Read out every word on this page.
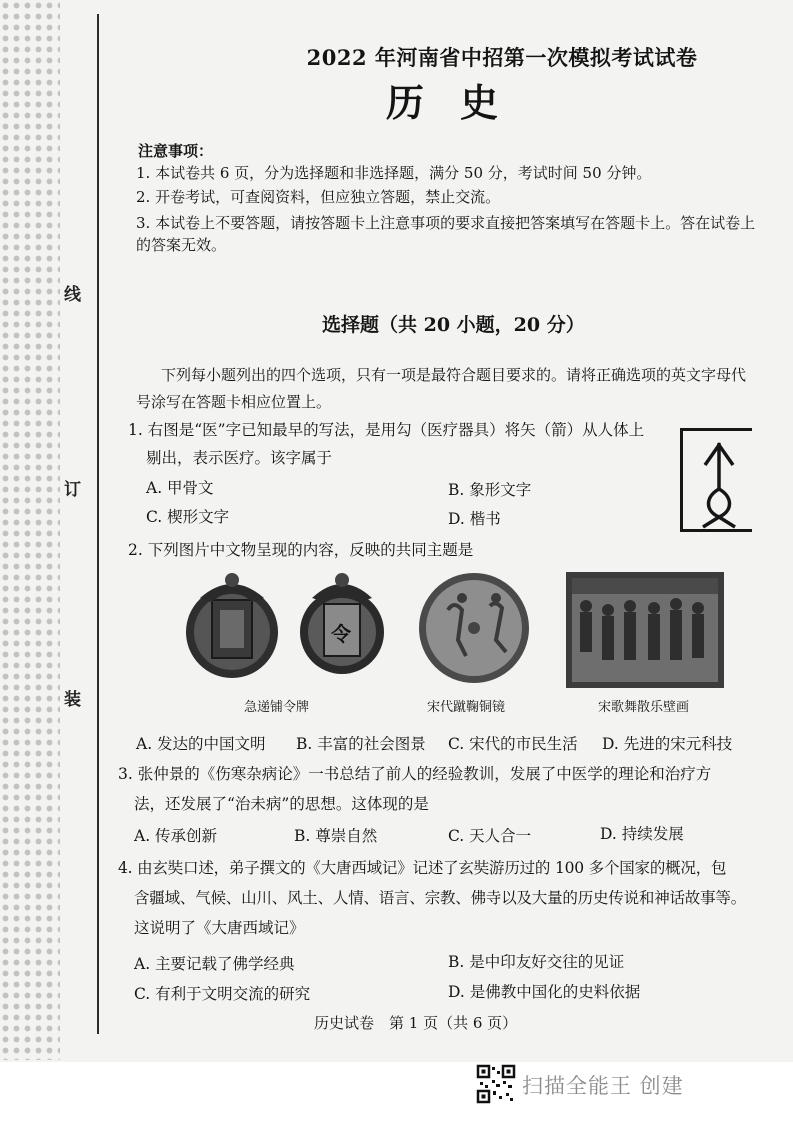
线
订
装
2022 年河南省中招第一次模拟考试试卷
历史
注意事项：
1. 本试卷共 6 页，分为选择题和非选择题，满分 50 分，考试时间 50 分钟。
2. 开卷考试，可查阅资料，但应独立答题，禁止交流。
3. 本试卷上不要答题，请按答题卡上注意事项的要求直接把答案填写在答题卡上。答在试卷上的答案无效。
选择题（共 20 小题，20 分）
下列每小题列出的四个选项，只有一项是最符合题目要求的。请将正确选项的英文字母代号涂写在答题卡相应位置上。
1. 右图是“医”字已知最早的写法，是用勾（医疗器具）将矢（箭）从人体上
剔出，表示医疗。该字属于
A. 甲骨文	B. 象形文字
C. 楔形文字	D. 楷书
2. 下列图片中文物呈现的内容，反映的共同主题是
令
急递铺令牌	宋代蹴鞠铜镜	宋歌舞散乐壁画
A. 发达的中国文明 B. 丰富的社会图景 C. 宋代的市民生活 D. 先进的宋元科技
3. 张仲景的《伤寒杂病论》一书总结了前人的经验教训，发展了中医学的理论和治疗方
法，还发展了“治未病”的思想。这体现的是
A. 传承创新	B. 尊崇自然	C. 天人合一	D. 持续发展
4. 由玄奘口述，弟子撰文的《大唐西域记》记述了玄奘游历过的 100 多个国家的概况，包
含疆域、气候、山川、风土、人情、语言、宗教、佛寺以及大量的历史传说和神话故事等。
这说明了《大唐西域记》
A. 主要记载了佛学经典	B. 是中印友好交往的见证
C. 有利于文明交流的研究	D. 是佛教中国化的史料依据
历史试卷　第 1 页（共 6 页）
扫描全能王 创建
